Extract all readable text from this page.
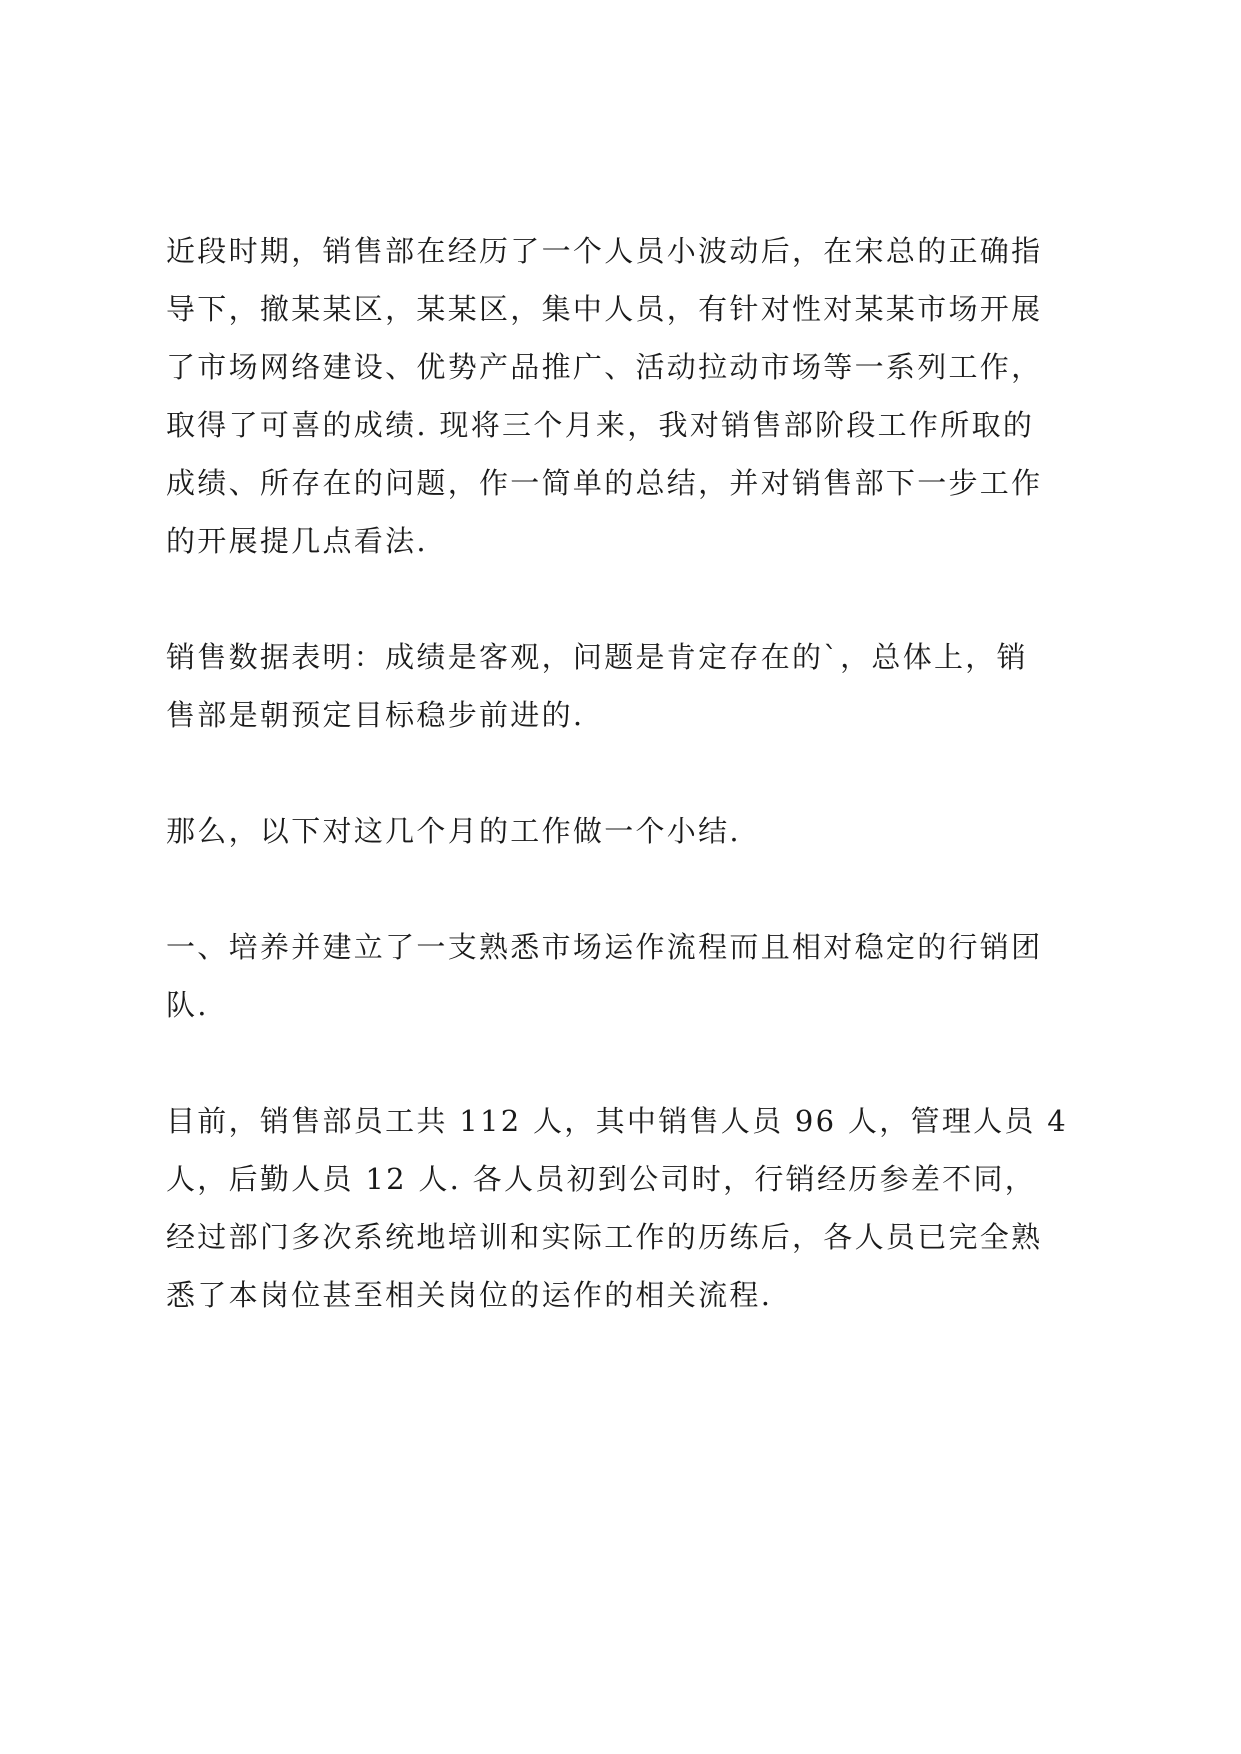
近段时期，销售部在经历了一个人员小波动后，在宋总的正确指
导下，撤某某区，某某区，集中人员，有针对性对某某市场开展
了市场网络建设、优势产品推广、活动拉动市场等一系列工作，
取得了可喜的成绩. 现将三个月来，我对销售部阶段工作所取的
成绩、所存在的问题，作一简单的总结，并对销售部下一步工作
的开展提几点看法.

销售数据表明：成绩是客观，问题是肯定存在的`，总体上，销
售部是朝预定目标稳步前进的.

那么，以下对这几个月的工作做一个小结.

一、培养并建立了一支熟悉市场运作流程而且相对稳定的行销团
队.

目前，销售部员工共 112 人，其中销售人员 96 人，管理人员 4
人，后勤人员 12 人. 各人员初到公司时，行销经历参差不同，
经过部门多次系统地培训和实际工作的历练后，各人员已完全熟
悉了本岗位甚至相关岗位的运作的相关流程.
